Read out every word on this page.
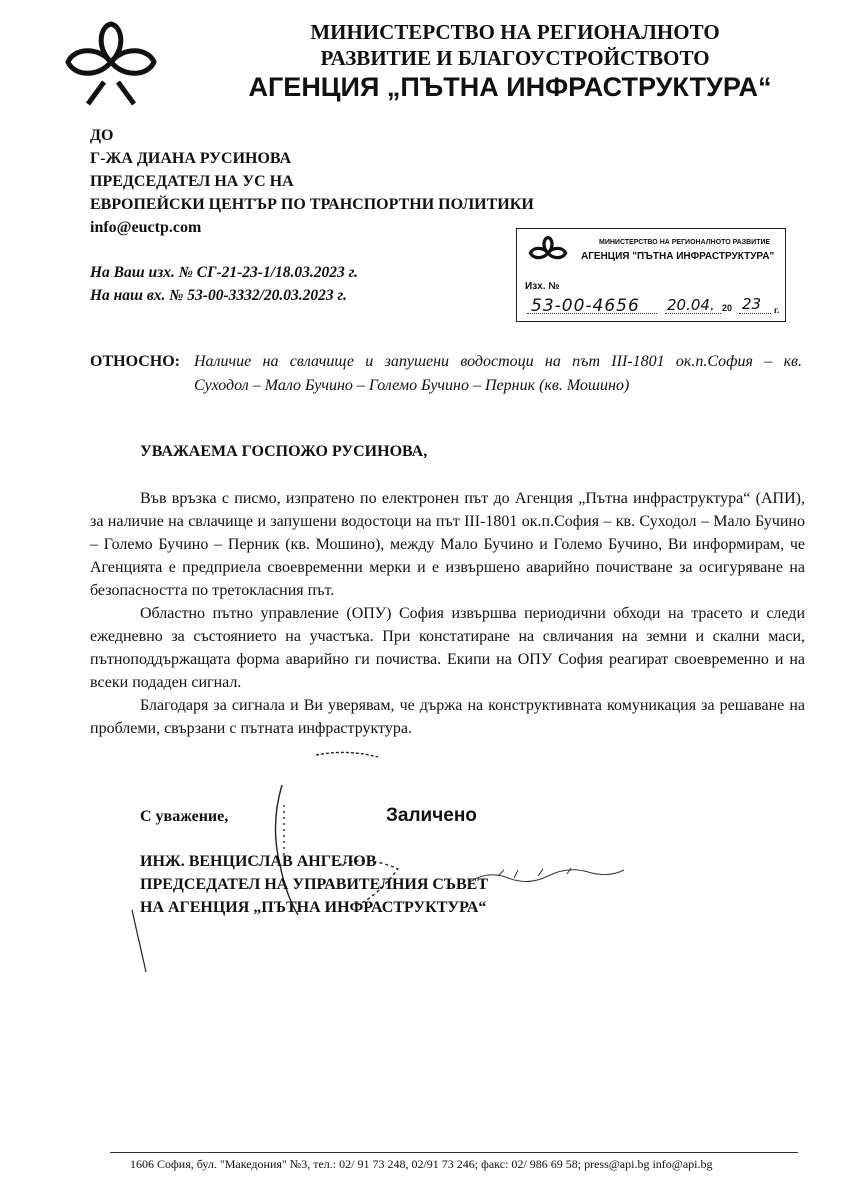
МИНИСТЕРСТВО НА РЕГИОНАЛНОТО
РАЗВИТИЕ И БЛАГОУСТРОЙСТВОТО
АГЕНЦИЯ „ПЪТНА ИНФРАСТРУКТУРА“
ДО
Г-ЖА ДИАНА РУСИНОВА
ПРЕДСЕДАТЕЛ НА УС НА
ЕВРОПЕЙСКИ ЦЕНТЪР ПО ТРАНСПОРТНИ ПОЛИТИКИ
info@euctp.com
На Ваш изх. № СГ-21-23-1/18.03.2023 г.
На наш вх. № 53-00-3332/20.03.2023 г.
МИНИСТЕРСТВО НА РЕГИОНАЛНОТО РАЗВИТИЕ
АГЕНЦИЯ "ПЪТНА ИНФРАСТРУКТУРА"
Изх. №
53-00-4656 20.04. 20 23 г.
ОТНОСНО: Наличие на свлачище и запушени водостоци на път III-1801 ок.п.София – кв.
Суходол – Мало Бучино – Големо Бучино – Перник (кв. Мошино)
УВАЖАЕМА ГОСПОЖО РУСИНОВА,
Във връзка с писмо, изпратено по електронен път до Агенция „Пътна инфраструктура“ (АПИ), за наличие на свлачище и запушени водостоци на път III-1801 ок.п.София – кв. Суходол – Мало Бучино – Големо Бучино – Перник (кв. Мошино), между Мало Бучино и Големо Бучино, Ви информирам, че Агенцията е предприела своевременни мерки и е извършено аварийно почистване за осигуряване на безопасността по третокласния път.
Областно пътно управление (ОПУ) София извършва периодични обходи на трасето и следи ежедневно за състоянието на участъка. При констатиране на свличания на земни и скални маси, пътноподдържащата форма аварийно ги почиства. Екипи на ОПУ София реагират своевременно и на всеки подаден сигнал.
Благодаря за сигнала и Ви уверявам, че държа на конструктивната комуникация за решаване на проблеми, свързани с пътната инфраструктура.
С уважение,	Заличено
ИНЖ. ВЕНЦИСЛАВ АНГЕЛОВ
ПРЕДСЕДАТЕЛ НА УПРАВИТЕЛНИЯ СЪВЕТ
НА АГЕНЦИЯ „ПЪТНА ИНФРАСТРУКТУРА“
1606 София, бул. "Македония" №3, тел.: 02/ 91 73 248, 02/91 73 246; факс: 02/ 986 69 58; press@api.bg info@api.bg
